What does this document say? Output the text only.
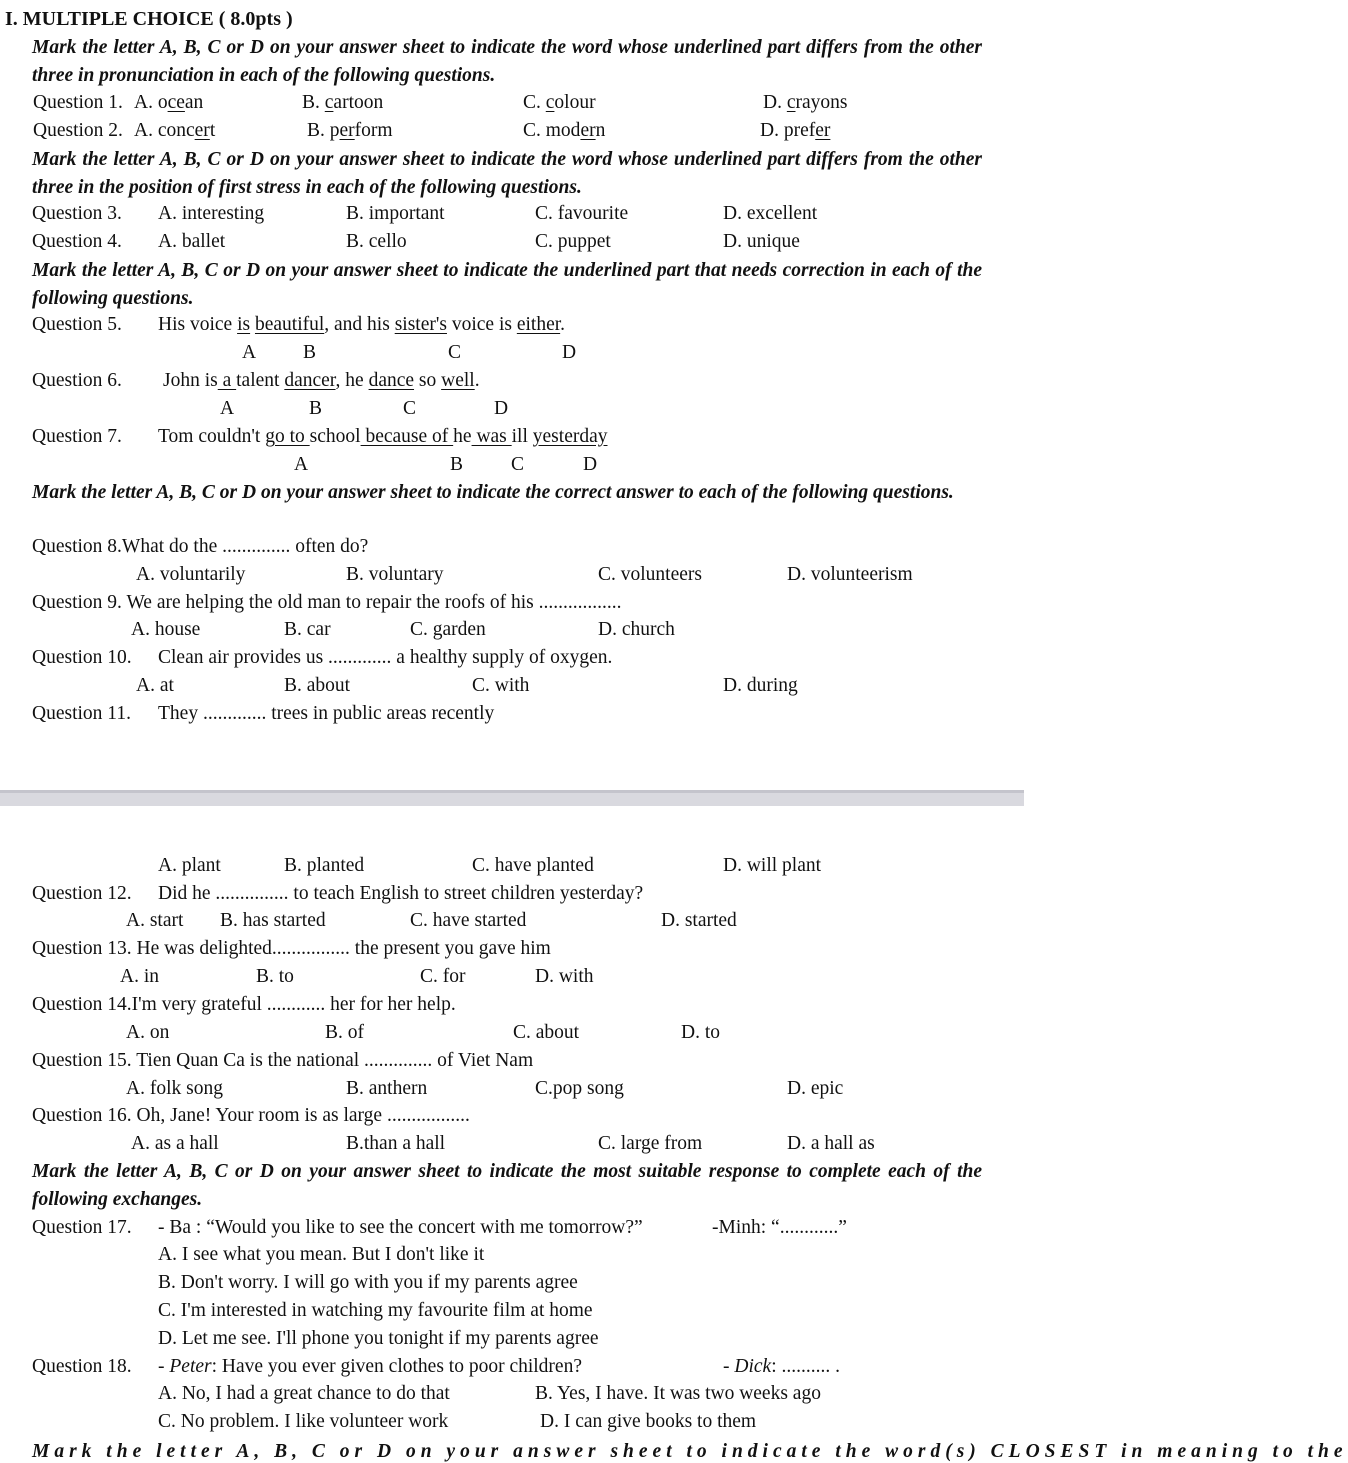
I. MULTIPLE CHOICE ( 8.0pts )
Mark the letter A, B, C or D on your answer sheet to indicate the word whose underlined part differs from the other three in pronunciation in each of the following questions.
Question 1. A. ocean	B. cartoon	C. colour	D. crayons
Question 2. A. concert	B. perform	C. modern	D. prefer
Mark the letter A, B, C or D on your answer sheet to indicate the word whose underlined part differs from the other three in the position of first stress in each of the following questions.
Question 3. A. interesting	B. important	C. favourite	D. excellent
Question 4. A. ballet	B. cello	C. puppet	D. unique
Mark the letter A, B, C or D on your answer sheet to indicate the underlined part that needs correction in each of the following questions.
Question 5. His voice is beautiful, and his sister's voice is either.
A B	C	D
Question 6. John is a talent dancer, he dance so well.
A	B	C	D
Question 7. Tom couldn't go to school because of he was ill yesterday
A	B C	D
Mark the letter A, B, C or D on your answer sheet to indicate the correct answer to each of the following questions.
Question 8.What do the .............. often do?
A. voluntarily	B. voluntary	C. volunteers	D. volunteerism
Question 9. We are helping the old man to repair the roofs of his .................
A. house	B. car	C. garden	D. church
Question 10. Clean air provides us ............. a healthy supply of oxygen.
A. at	B. about	C. with	D. during
Question 11. They ............. trees in public areas recently
A. plant	B. planted	C. have planted	D. will plant
Question 12. Did he ............... to teach English to street children yesterday?
A. start B. has started	C. have started	D. started
Question 13. He was delighted................ the present you gave him
A. in	B. to	C. for	D. with
Question 14.I'm very grateful ............ her for her help.
A. on	B. of	C. about	D. to
Question 15. Tien Quan Ca is the national .............. of Viet Nam
A. folk song	B. anthern	C.pop song	D. epic
Question 16. Oh, Jane! Your room is as large .................
A. as a hall	B.than a hall	C. large from	D. a hall as
Mark the letter A, B, C or D on your answer sheet to indicate the most suitable response to complete each of the following exchanges.
Question 17. - Ba : “Would you like to see the concert with me tomorrow?”	-Minh: “............”
A. I see what you mean. But I don't like it
B. Don't worry. I will go with you if my parents agree
C. I'm interested in watching my favourite film at home
D. Let me see. I'll phone you tonight if my parents agree
Question 18. - Peter: Have you ever given clothes to poor children?	- Dick: .......... .
A. No, I had a great chance to do that	B. Yes, I have. It was two weeks ago
C. No problem. I like volunteer work	D. I can give books to them
Mark the letter A, B, C or D on your answer sheet to indicate the word(s) CLOSEST in meaning to the
